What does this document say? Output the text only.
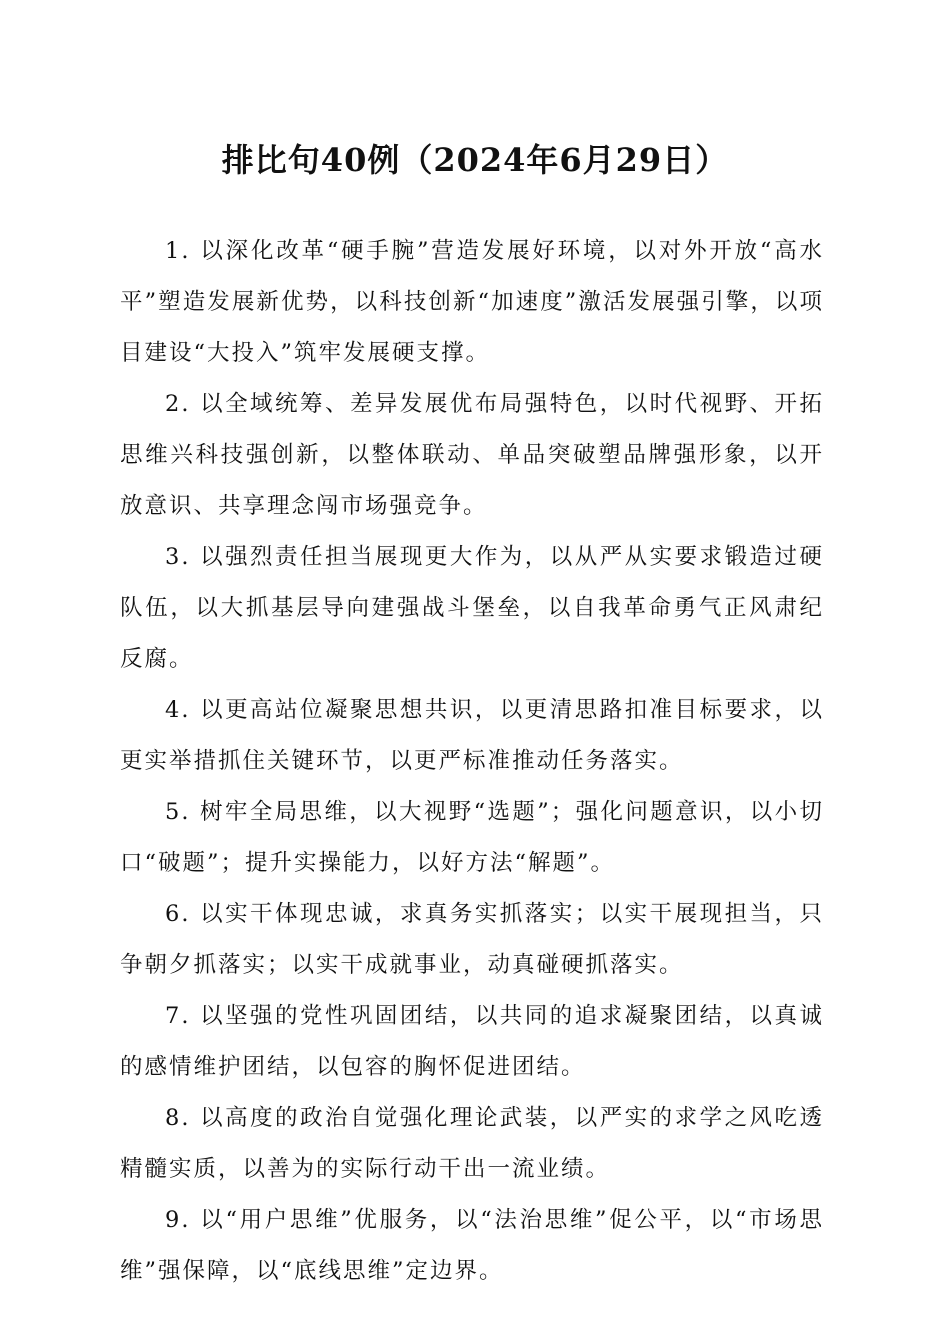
排比句40例（2024年6月29日）

1. 以深化改革“硬手腕”营造发展好环境，以对外开放“高水平”塑造发展新优势，以科技创新“加速度”激活发展强引擎，以项目建设“大投入”筑牢发展硬支撑。

2. 以全域统筹、差异发展优布局强特色，以时代视野、开拓思维兴科技强创新，以整体联动、单品突破塑品牌强形象，以开放意识、共享理念闯市场强竞争。

3. 以强烈责任担当展现更大作为，以从严从实要求锻造过硬队伍，以大抓基层导向建强战斗堡垒，以自我革命勇气正风肃纪反腐。

4. 以更高站位凝聚思想共识，以更清思路扣准目标要求，以更实举措抓住关键环节，以更严标准推动任务落实。

5. 树牢全局思维，以大视野“选题”；强化问题意识，以小切口“破题”；提升实操能力，以好方法“解题”。

6. 以实干体现忠诚，求真务实抓落实；以实干展现担当，只争朝夕抓落实；以实干成就事业，动真碰硬抓落实。

7. 以坚强的党性巩固团结，以共同的追求凝聚团结，以真诚的感情维护团结，以包容的胸怀促进团结。

8. 以高度的政治自觉强化理论武装，以严实的求学之风吃透精髓实质，以善为的实际行动干出一流业绩。

9. 以“用户思维”优服务，以“法治思维”促公平，以“市场思维”强保障，以“底线思维”定边界。
